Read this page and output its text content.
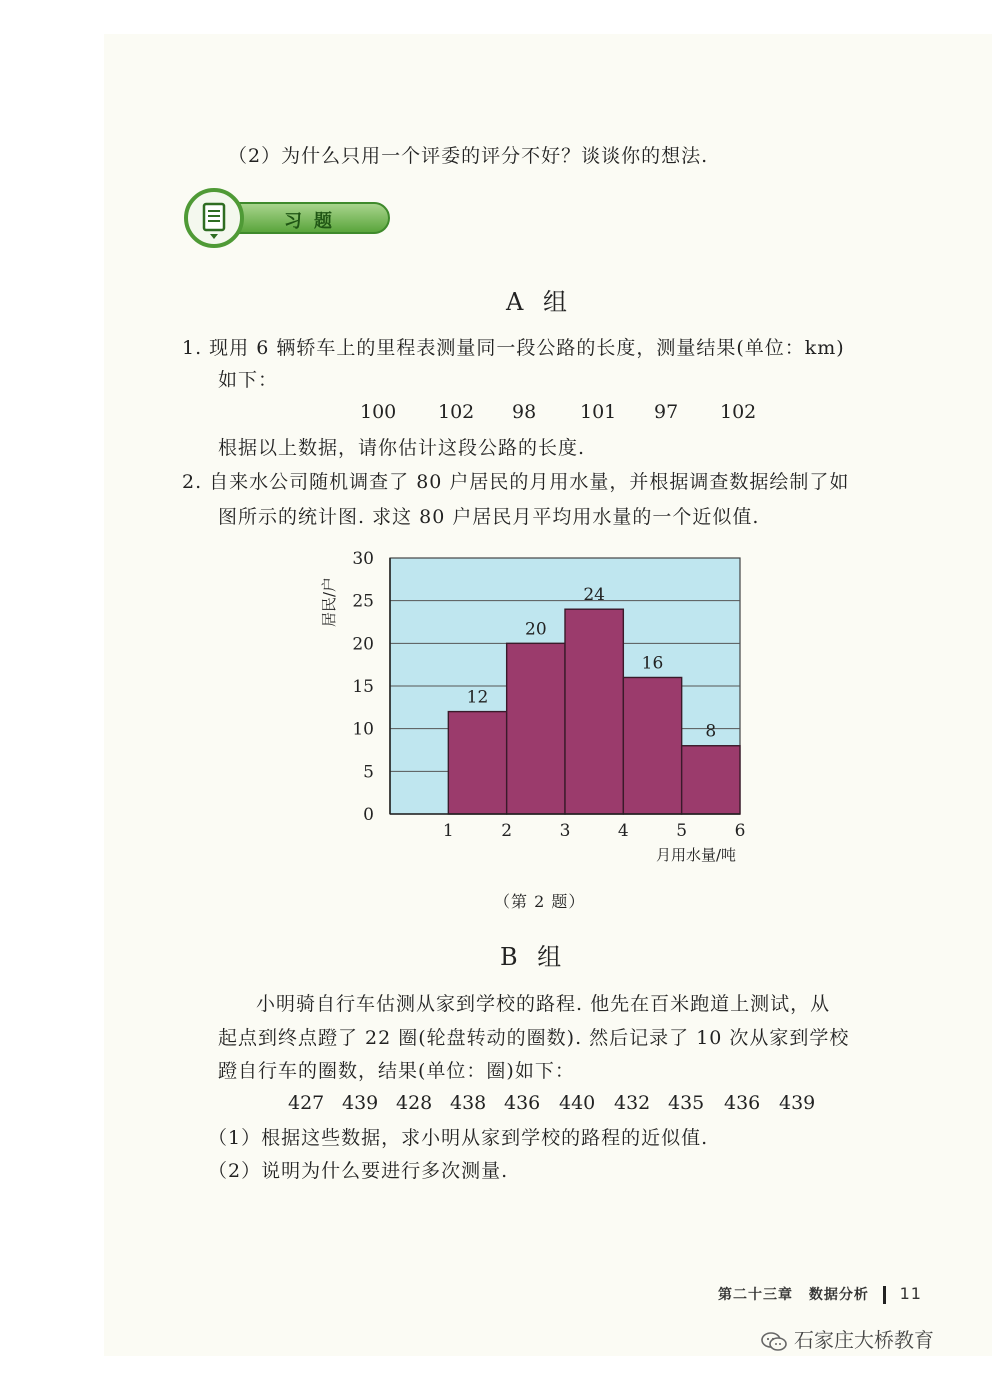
（2）为什么只用一个评委的评分不好？谈谈你的想法.
习题
A 组
1. 现用 6 辆轿车上的里程表测量同一段公路的长度，测量结果(单位：km)
如下：
100 102 98 101 97 102
根据以上数据，请你估计这段公路的长度.
2. 自来水公司随机调查了 80 户居民的月用水量，并根据调查数据绘制了如
图所示的统计图. 求这 80 户居民月平均用水量的一个近似值.
0
5
10
15
20
25
30
12
20
24
16
8
1	2	3	4	5	6
居民/户
月用水量/吨
（第 2 题）
B 组
小明骑自行车估测从家到学校的路程. 他先在百米跑道上测试，从
起点到终点蹬了 22 圈(轮盘转动的圈数). 然后记录了 10 次从家到学校
蹬自行车的圈数，结果(单位：圈)如下：
427 439 428 438 436 440 432 435 436 439
（1）根据这些数据，求小明从家到学校的路程的近似值.
（2）说明为什么要进行多次测量.
第二十三章 数据分析 11
石家庄大桥教育
